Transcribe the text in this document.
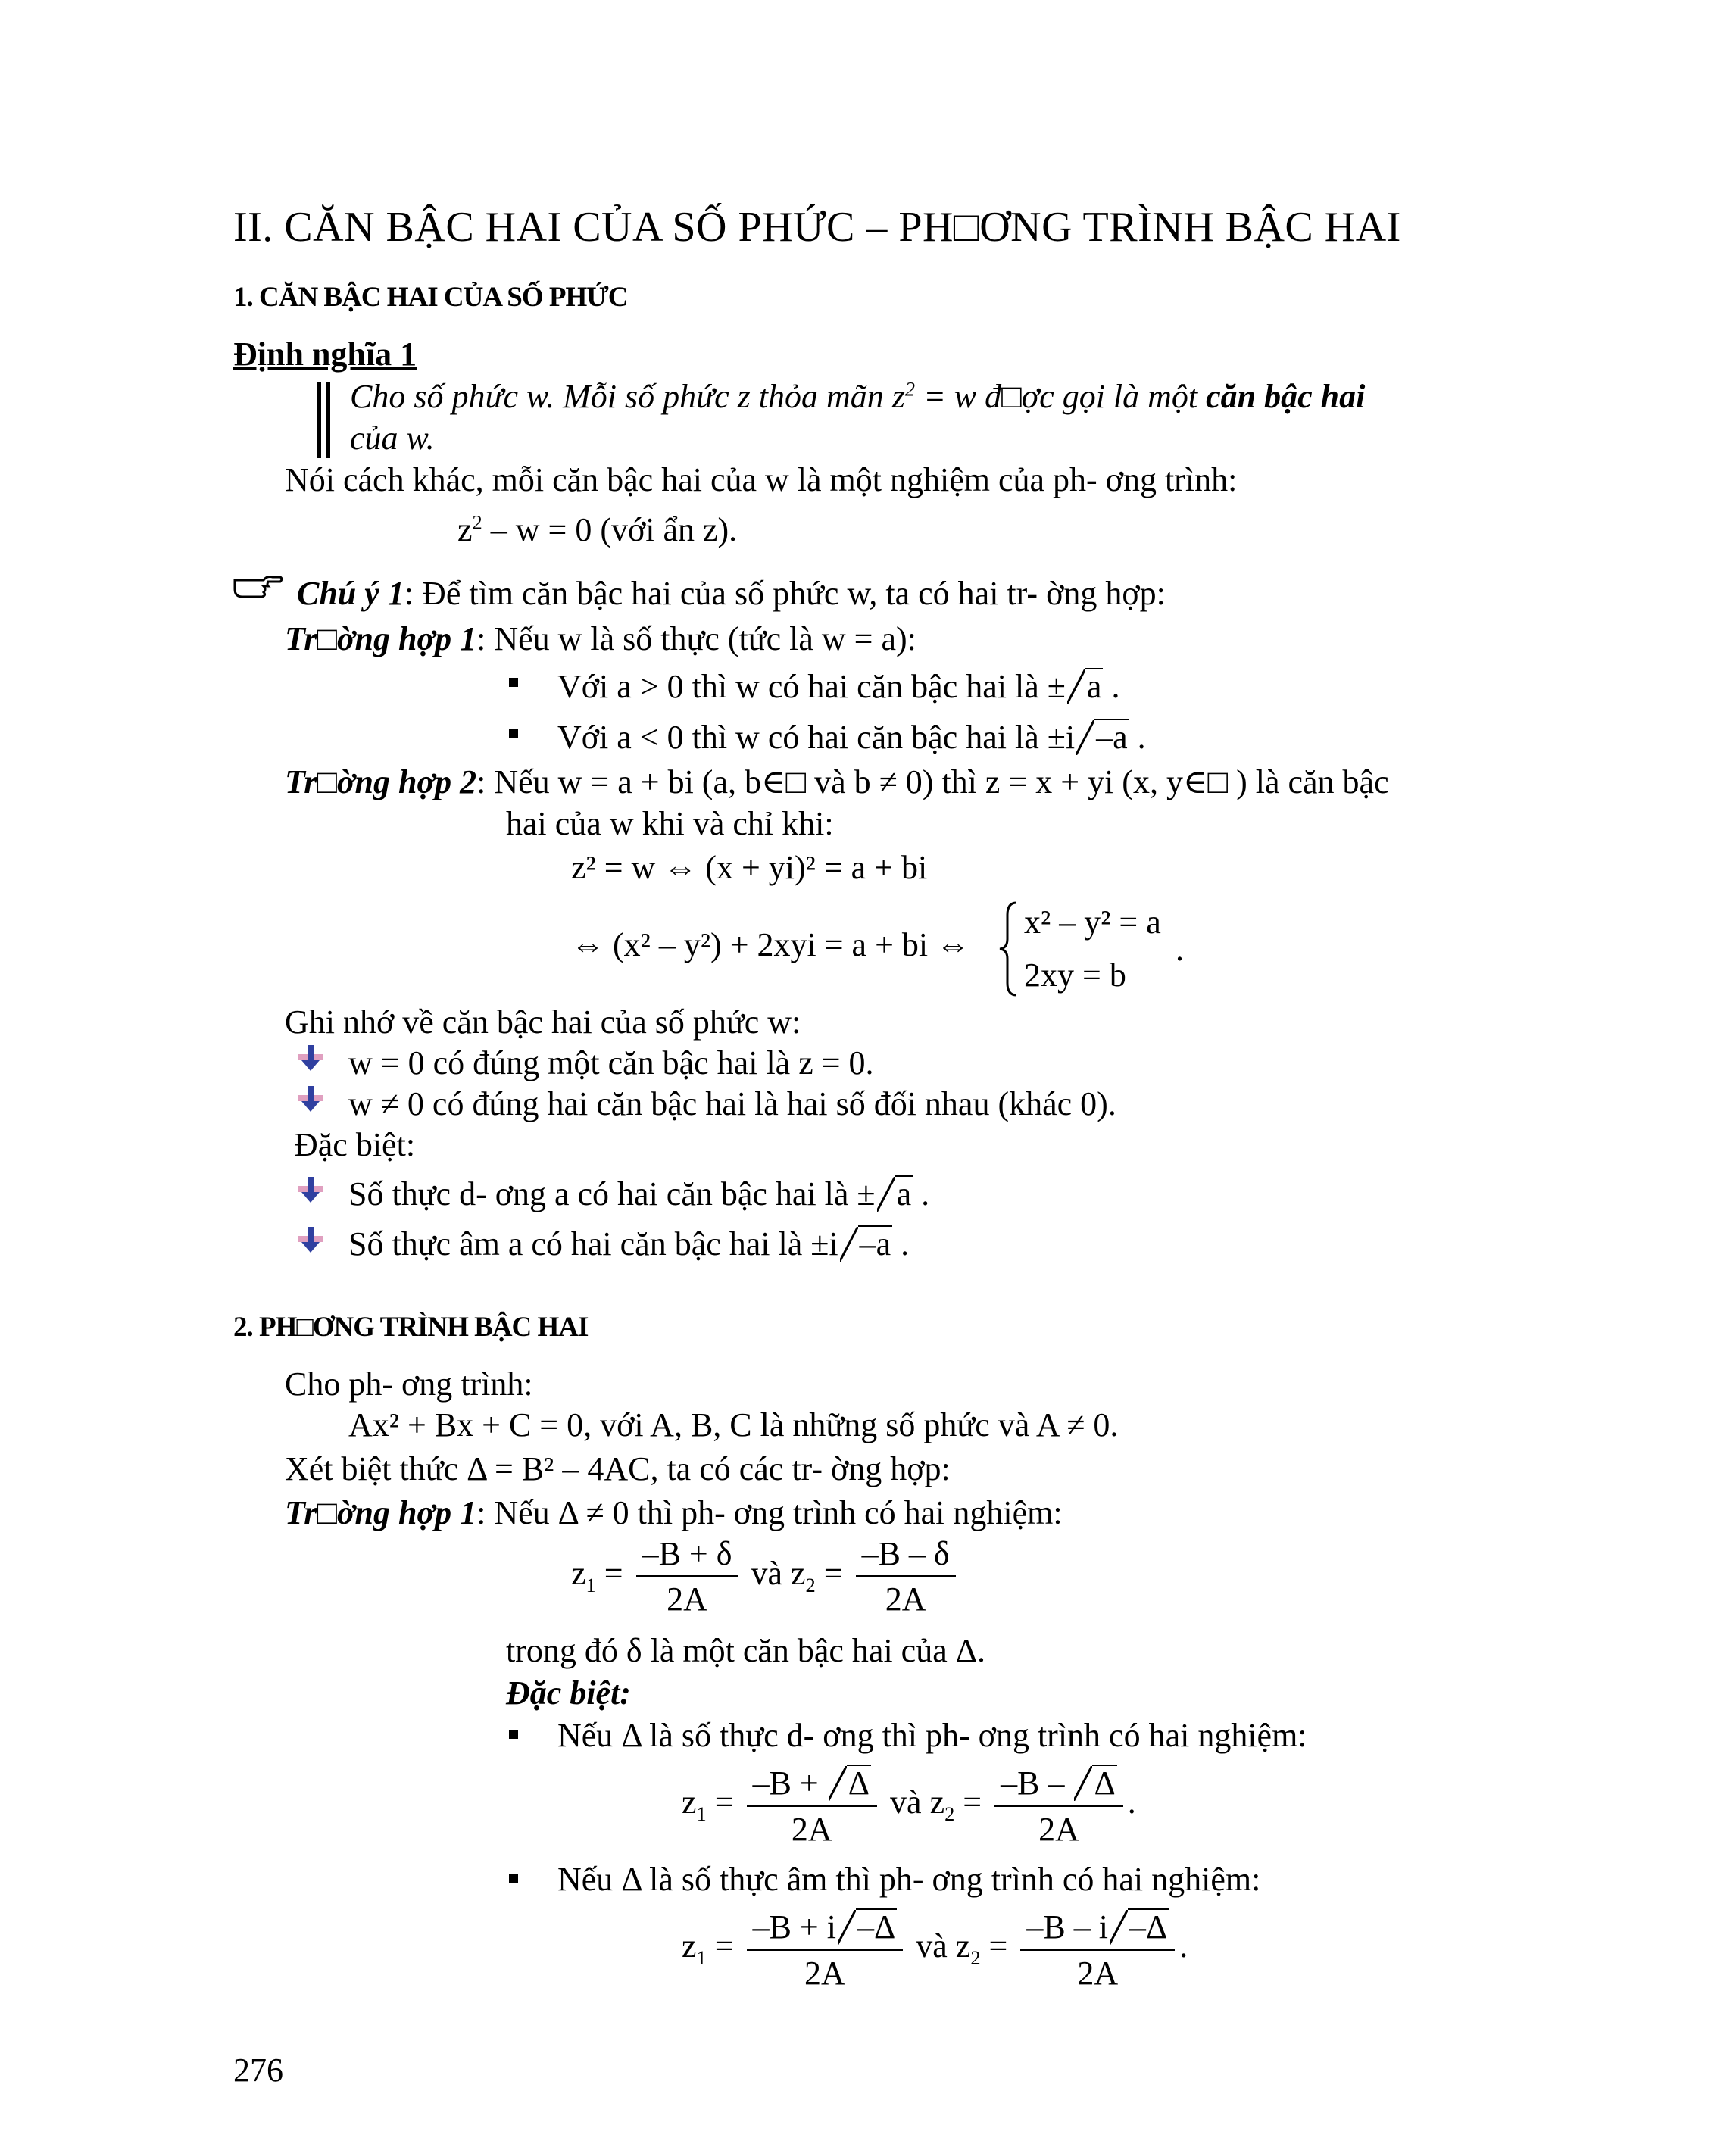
II. CĂN BẬC HAI CỦA SỐ PHỨC – PH□ƠNG TRÌNH BẬC HAI
1. CĂN BẬC HAI CỦA SỐ PHỨC
Định nghĩa 1
Cho số phức w. Mỗi số phức z thỏa mãn $z^2 = w$ đ□ợc gọi là một căn bậc hai
của w.
Nói cách khác, mỗi căn bậc hai của w là một nghiệm của ph- ơng trình:
$z^2 - w = 0$ (với ẩn z).
Chú ý 1: Để tìm căn bậc hai của số phức w, ta có hai tr- ờng hợp:
Tr□ờng hợp 1: Nếu w là số thực (tức là w = a):
Với a > 0 thì w có hai căn bậc hai là ± a .
Với a < 0 thì w có hai căn bậc hai là ±i –a .
Tr□ờng hợp 2: Nếu w = a + bi (a, b∈□ và b ≠ 0) thì z = x + yi (x, y∈□ ) là căn bậc
hai của w khi và chỉ khi:
z² = w ⇔ (x + yi)² = a + bi
⇔ (x² – y²) + 2xyi = a + bi ⇔
x² – y² = a
2xy = b
.
Ghi nhớ về căn bậc hai của số phức w:
w = 0 có đúng một căn bậc hai là z = 0.
w ≠ 0 có đúng hai căn bậc hai là hai số đối nhau (khác 0).
Đặc biệt:
Số thực d- ơng a có hai căn bậc hai là ± a .
Số thực âm a có hai căn bậc hai là ±i –a .
2. PH□ƠNG TRÌNH BẬC HAI
Cho ph- ơng trình:
Ax² + Bx + C = 0, với A, B, C là những số phức và A ≠ 0.
Xét biệt thức Δ = B² – 4AC, ta có các tr- ờng hợp:
Tr□ờng hợp 1: Nếu Δ ≠ 0 thì ph- ơng trình có hai nghiệm:
$z_1 = \frac{-B + \delta}{2A}$ và $z_2 = \frac{-B - \delta}{2A}$
trong đó δ là một căn bậc hai của Δ.
Đặc biệt:
Nếu Δ là số thực d- ơng thì ph- ơng trình có hai nghiệm:
$z_1 = \frac{-B + \Delta}{2A}$ và $z_2 = \frac{-B - \Delta}{2A}$ .
Nếu Δ là số thực âm thì ph- ơng trình có hai nghiệm:
$z_1 = \frac{-B + i -\Delta}{2A}$ và $z_2 = \frac{-B - i -\Delta}{2A}$ .
276
